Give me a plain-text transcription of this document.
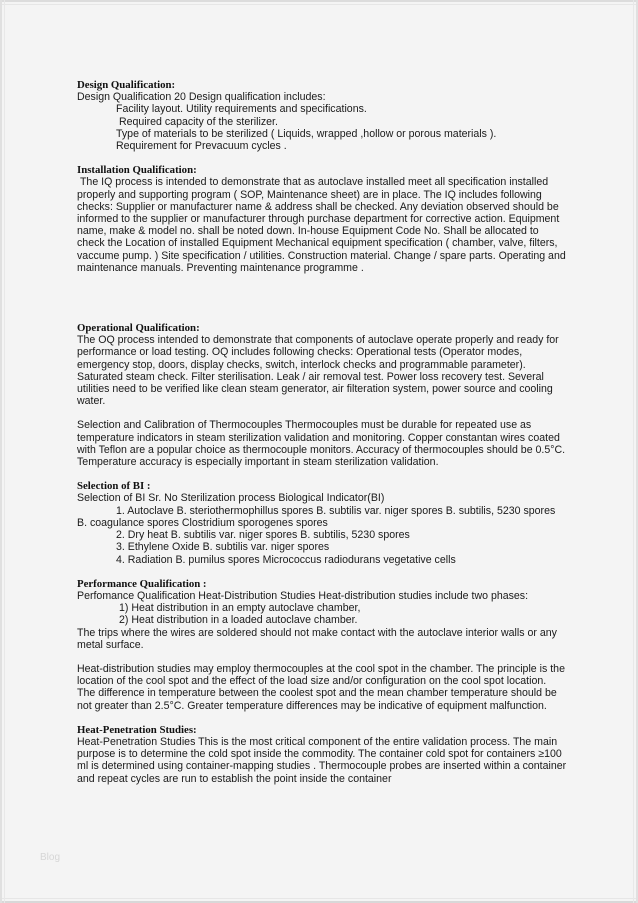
Design Qualification:

Design Qualification 20 Design qualification includes:

Facility layout. Utility requirements and specifications.

Required capacity of the sterilizer.

Type of materials to be sterilized ( Liquids, wrapped ,hollow or porous materials ).

Requirement for Prevacuum cycles .

Installation Qualification:

The IQ process is intended to demonstrate that as autoclave installed meet all specification installed properly and supporting program ( SOP, Maintenance sheet) are in place. The IQ includes following checks: Supplier or manufacturer name & address shall be checked. Any deviation observed should be informed to the supplier or manufacturer through purchase department for corrective action. Equipment name, make & model no. shall be noted down. In-house Equipment Code No. Shall be allocated to check the Location of installed Equipment Mechanical equipment specification ( chamber, valve, filters, vaccume pump. ) Site specification / utilities. Construction material. Change / spare parts. Operating and maintenance manuals. Preventing maintenance programme .

Operational Qualification:

The OQ process intended to demonstrate that components of autoclave operate properly and ready for performance or load testing. OQ includes following checks: Operational tests (Operator modes, emergency stop, doors, display checks, switch, interlock checks and programmable parameter). Saturated steam check. Filter sterilisation. Leak / air removal test. Power loss recovery test. Several utilities need to be verified like clean steam generator, air filteration system, power source and cooling water.

Selection and Calibration of Thermocouples Thermocouples must be durable for repeated use as temperature indicators in steam sterilization validation and monitoring. Copper constantan wires coated with Teflon are a popular choice as thermocouple monitors. Accuracy of thermocouples should be 0.5°C. Temperature accuracy is especially important in steam sterilization validation.

Selection of BI :

Selection of BI Sr. No Sterilization process Biological Indicator(BI)

1. Autoclave B. steriothermophillus spores B. subtilis var. niger spores B. subtilis, 5230 spores B. coagulance spores Clostridium sporogenes spores

2. Dry heat B. subtilis var. niger spores B. subtilis, 5230 spores

3. Ethylene Oxide B. subtilis var. niger spores

4. Radiation B. pumilus spores Micrococcus radiodurans vegetative cells

Performance Qualification :

Perfomance Qualification Heat-Distribution Studies Heat-distribution studies include two phases:

1) Heat distribution in an empty autoclave chamber,

2) Heat distribution in a loaded autoclave chamber.

The trips where the wires are soldered should not make contact with the autoclave interior walls or any metal surface.

Heat-distribution studies may employ thermocouples at the cool spot in the chamber. The principle is the location of the cool spot and the effect of the load size and/or configuration on the cool spot location. The difference in temperature between the coolest spot and the mean chamber temperature should be not greater than 2.5°C. Greater temperature differences may be indicative of equipment malfunction.

Heat-Penetration Studies:

Heat-Penetration Studies This is the most critical component of the entire validation process. The main purpose is to determine the cold spot inside the commodity. The container cold spot for containers ≥100 ml is determined using container-mapping studies . Thermocouple probes are inserted within a container and repeat cycles are run to establish the point inside the container

Blog
